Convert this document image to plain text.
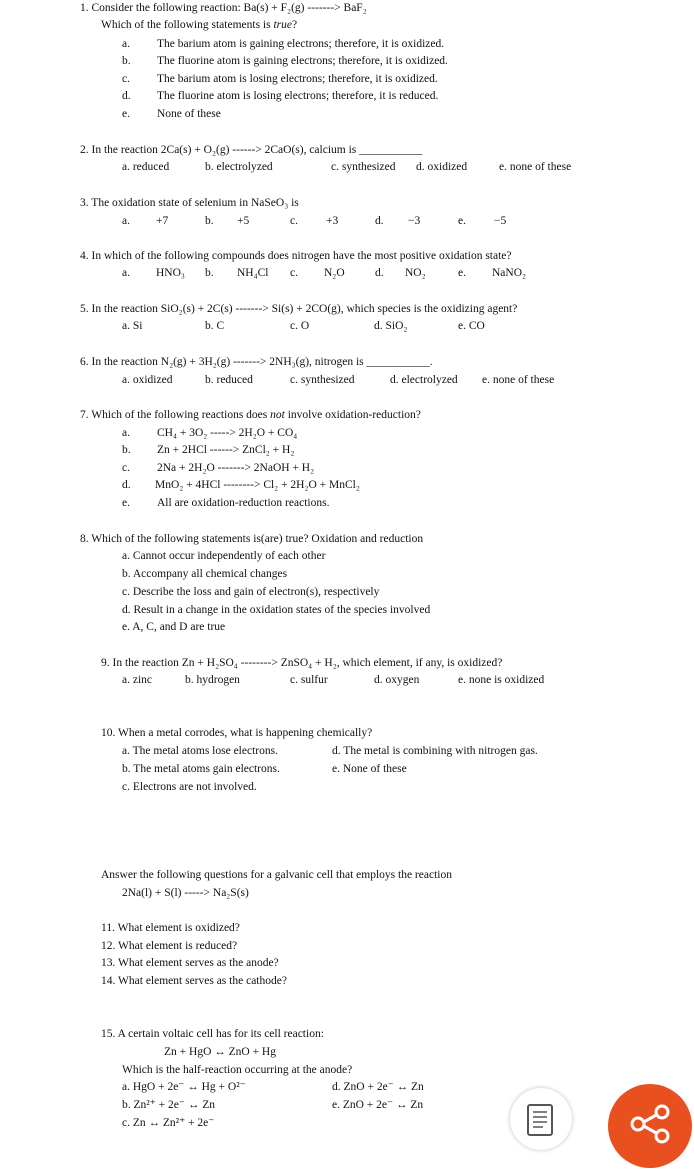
1. Consider the following reaction: Ba(s) + F₂(g) -------> BaF₂
Which of the following statements is true?
a. The barium atom is gaining electrons; therefore, it is oxidized.
b. The fluorine atom is gaining electrons; therefore, it is oxidized.
c. The barium atom is losing electrons; therefore, it is oxidized.
d. The fluorine atom is losing electrons; therefore, it is reduced.
e. None of these
2. In the reaction 2Ca(s) + O₂(g) ------> 2CaO(s), calcium is ___________
a. reduced	b. electrolyzed	c. synthesized d. oxidized	e. none of these
3. The oxidation state of selenium in NaSeO₃ is
a. +7	b. +5	c. +3	d. −3	e. −5
4. In which of the following compounds does nitrogen have the most positive oxidation state?
a. HNO₃ b. NH₄Cl c. N₂O	d. NO₂	e. NaNO₂
5. In the reaction SiO₂(s) + 2C(s) -------> Si(s) + 2CO(g), which species is the oxidizing agent?
a. Si	b. C	c. O	d. SiO₂	e. CO
6. In the reaction N₂(g) + 3H₂(g) -------> 2NH₃(g), nitrogen is ___________.
a. oxidized	b. reduced	c. synthesized	d. electrolyzed e. none of these
7. Which of the following reactions does not involve oxidation-reduction?
a. CH₄ + 3O₂ -----> 2H₂O + CO₄
b. Zn + 2HCl ------> ZnCl₂ + H₂
c. 2Na + 2H₂O -------> 2NaOH + H₂
d. MnO₂ + 4HCl --------> Cl₂ + 2H₂O + MnCl₂
e. All are oxidation-reduction reactions.
8. Which of the following statements is(are) true? Oxidation and reduction
a. Cannot occur independently of each other
b. Accompany all chemical changes
c. Describe the loss and gain of electron(s), respectively
d. Result in a change in the oxidation states of the species involved
e. A, C, and D are true
9. In the reaction Zn + H₂SO₄ --------> ZnSO₄ + H₂, which element, if any, is oxidized?
a. zinc	b. hydrogen	c. sulfur	d. oxygen	e. none is oxidized
10. When a metal corrodes, what is happening chemically?
a. The metal atoms lose electrons.	d. The metal is combining with nitrogen gas.
b. The metal atoms gain electrons.	e. None of these
c. Electrons are not involved.
Answer the following questions for a galvanic cell that employs the reaction
2Na(l) + S(l) -----> Na₂S(s)
11. What element is oxidized?
12. What element is reduced?
13. What element serves as the anode?
14. What element serves as the cathode?
15. A certain voltaic cell has for its cell reaction:
Zn + HgO ↔ ZnO + Hg
Which is the half-reaction occurring at the anode?
a. HgO + 2e⁻ ↔ Hg + O²⁻	d. ZnO + 2e⁻ ↔ Zn
b. Zn²⁺ + 2e⁻ ↔ Zn	e. ZnO + 2e⁻ ↔ Zn
c. Zn ↔ Zn²⁺ + 2e⁻
